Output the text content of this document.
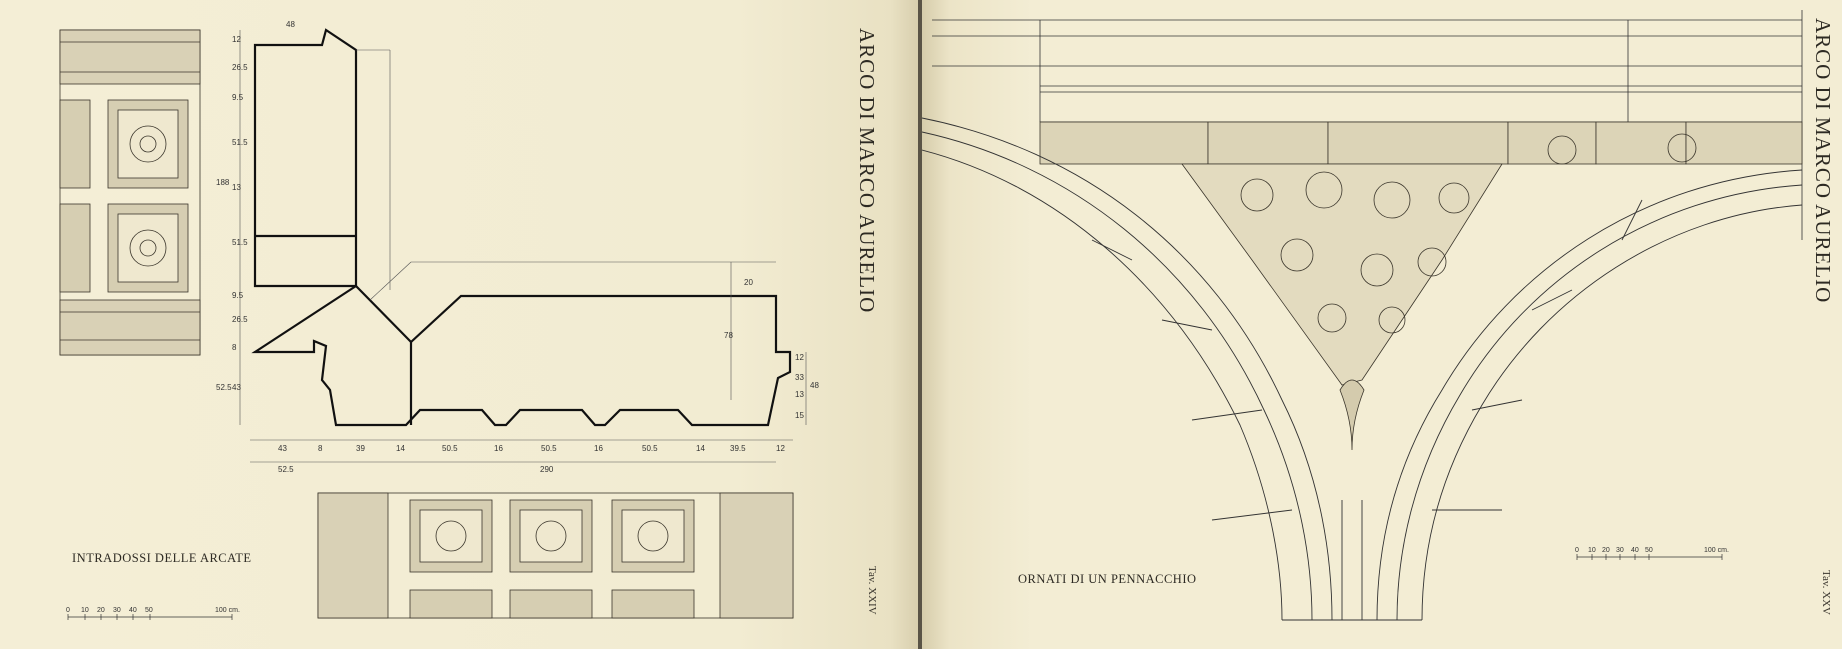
48
12
26.5
9.5
51.5
188
13
51.5
9.5
26.5
8
52.5 43
43	8	39	14	50.5	16	50.5	16	50.5	14	39.5	12
52.5	290
20
78
12
33
13
15
48
0 10 20 30 40 50	100 cm.
ARCO DI MARCO AURELIO
Tav. XXIV
INTRADOSSI DELLE ARCATE
0 10 20 30 40 50	100 cm.
ARCO DI MARCO AURELIO
Tav. XXV
ORNATI DI UN PENNACCHIO
